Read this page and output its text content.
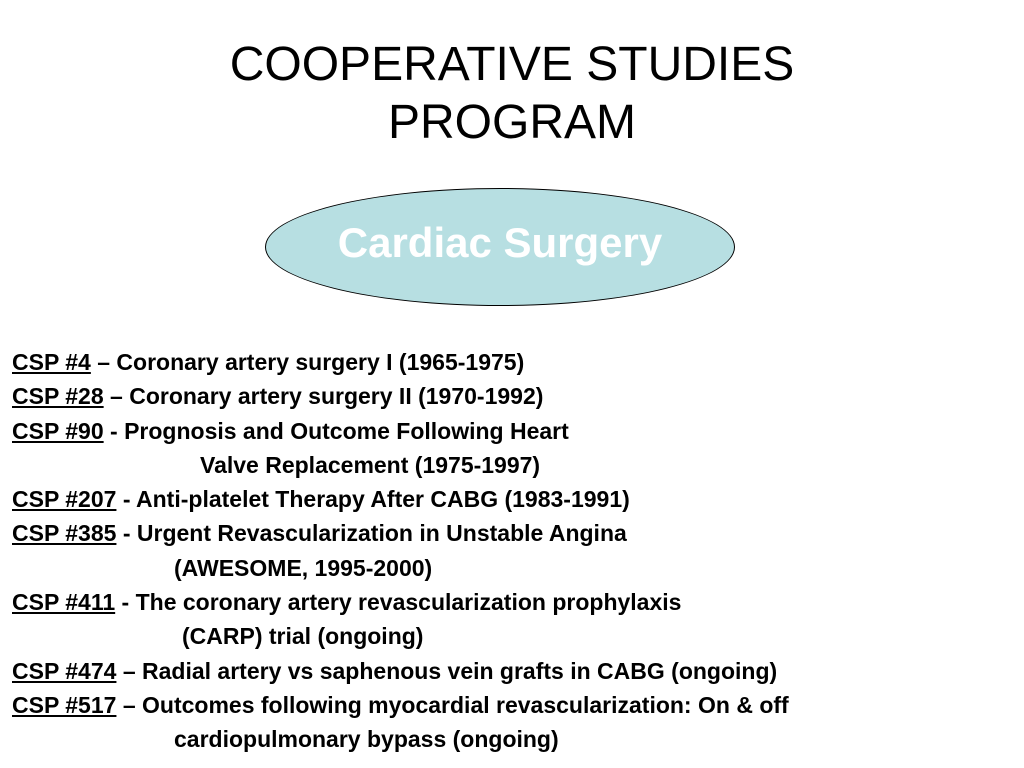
COOPERATIVE STUDIES
PROGRAM
Cardiac Surgery
CSP #4 – Coronary artery surgery I (1965-1975)
CSP #28 – Coronary artery surgery II (1970-1992)
CSP #90 - Prognosis and Outcome Following Heart
Valve Replacement (1975-1997)
CSP #207 - Anti-platelet Therapy After CABG (1983-1991)
CSP #385 - Urgent Revascularization in Unstable Angina
(AWESOME, 1995-2000)
CSP #411 - The coronary artery revascularization prophylaxis
(CARP) trial (ongoing)
CSP #474 – Radial artery vs saphenous vein grafts in CABG (ongoing)
CSP #517 – Outcomes following myocardial revascularization: On & off
cardiopulmonary bypass (ongoing)
